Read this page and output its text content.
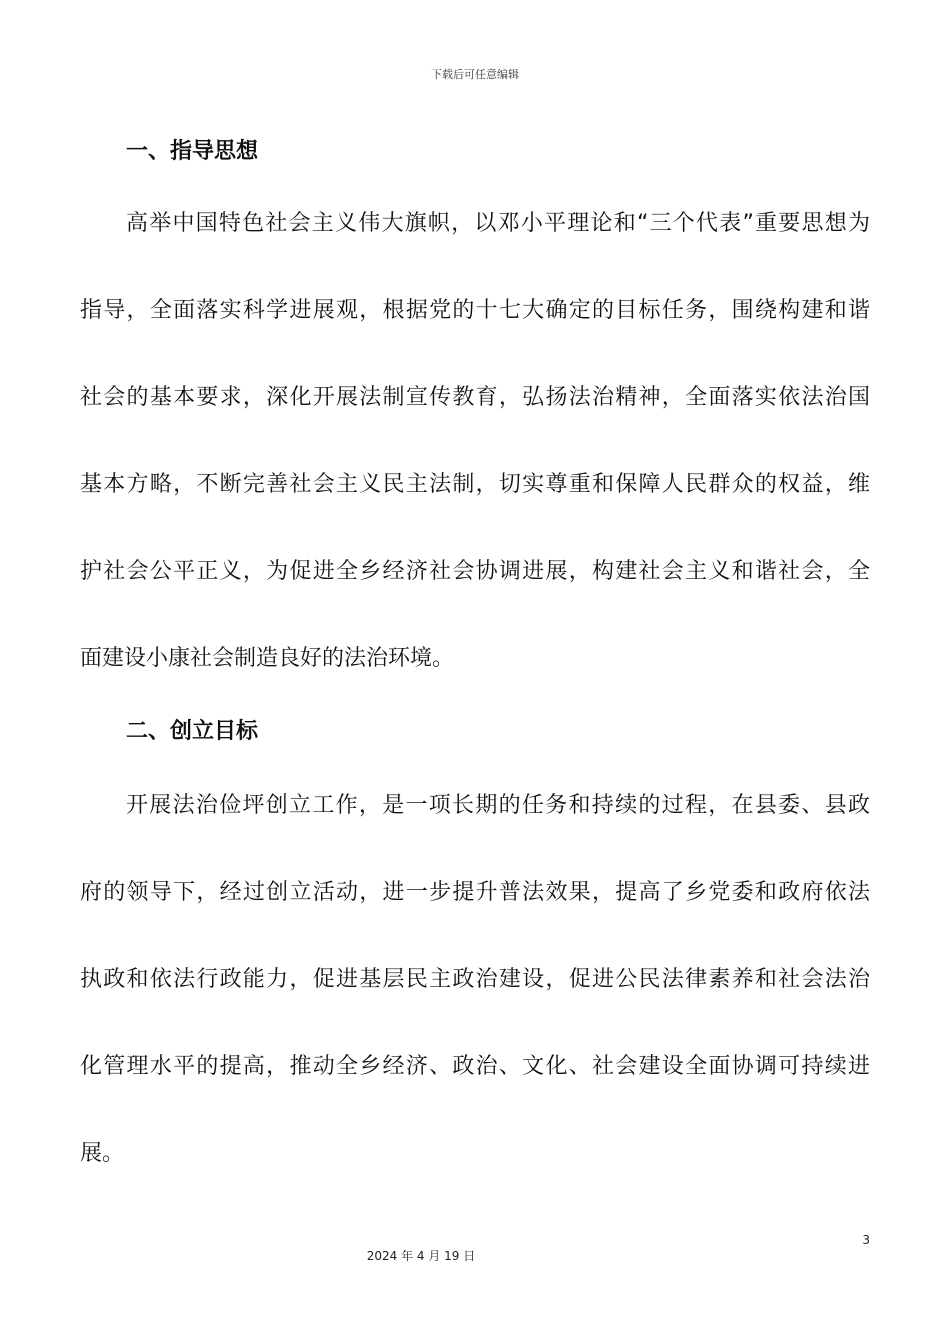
下载后可任意编辑
一、指导思想
高举中国特色社会主义伟大旗帜，以邓小平理论和“三个代表”重要思想为
指导，全面落实科学进展观，根据党的十七大确定的目标任务，围绕构建和谐
社会的基本要求，深化开展法制宣传教育，弘扬法治精神，全面落实依法治国
基本方略，不断完善社会主义民主法制，切实尊重和保障人民群众的权益，维
护社会公平正义，为促进全乡经济社会协调进展，构建社会主义和谐社会，全
面建设小康社会制造良好的法治环境。
二、创立目标
开展法治俭坪创立工作，是一项长期的任务和持续的过程，在县委、县政
府的领导下，经过创立活动，进一步提升普法效果，提高了乡党委和政府依法
执政和依法行政能力，促进基层民主政治建设，促进公民法律素养和社会法治
化管理水平的提高，推动全乡经济、政治、文化、社会建设全面协调可持续进
展。
3
2024 年 4 月 19 日
